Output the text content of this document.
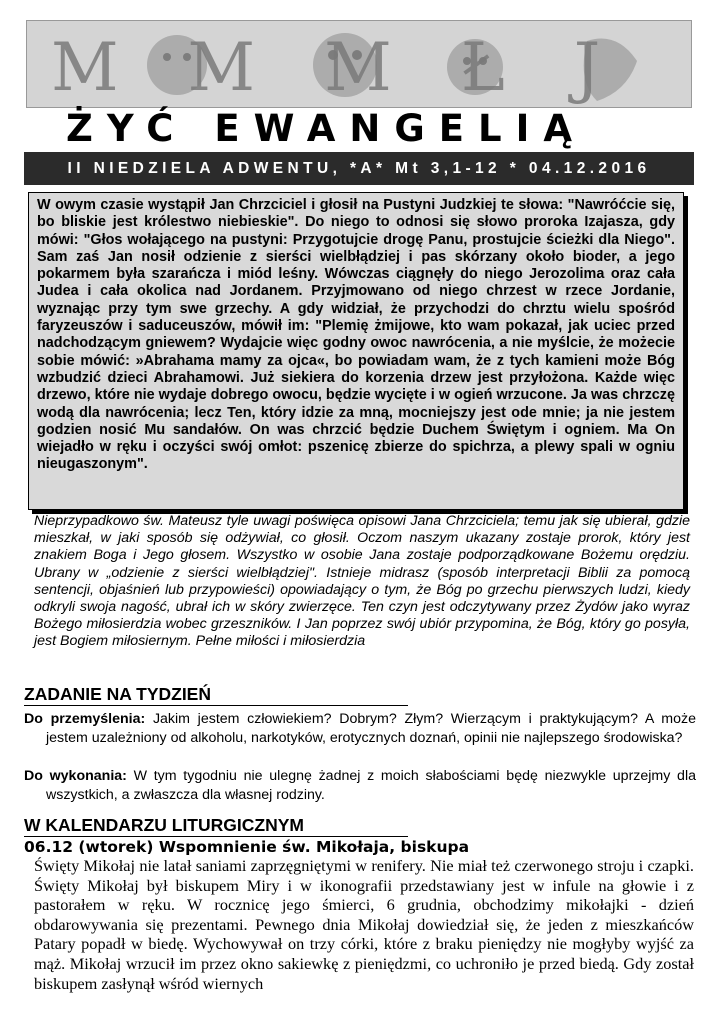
M M M Ł J
ŻYĆ EWANGELIĄ
II NIEDZIELA ADWENTU, *A* Mt 3,1-12 * 04.12.2016

W owym czasie wystąpił Jan Chrzciciel i głosił na Pustyni Judzkiej te słowa: "Nawróćcie się, bo bliskie jest królestwo niebieskie". Do niego to odnosi się słowo proroka Izajasza, gdy mówi: "Głos wołającego na pustyni: Przygotujcie drogę Panu, prostujcie ścieżki dla Niego". Sam zaś Jan nosił odzienie z sierści wielbłądziej i pas skórzany około bioder, a jego pokarmem była szarańcza i miód leśny. Wówczas ciągnęły do niego Jerozolima oraz cała Judea i cała okolica nad Jordanem. Przyjmowano od niego chrzest w rzece Jordanie, wyznając przy tym swe grzechy. A gdy widział, że przychodzi do chrztu wielu spośród faryzeuszów i saduceuszów, mówił im: "Plemię żmijowe, kto wam pokazał, jak uciec przed nadchodzącym gniewem? Wydajcie więc godny owoc nawrócenia, a nie myślcie, że możecie sobie mówić: »Abrahama mamy za ojca«, bo powiadam wam, że z tych kamieni może Bóg wzbudzić dzieci Abrahamowi. Już siekiera do korzenia drzew jest przyłożona. Każde więc drzewo, które nie wydaje dobrego owocu, będzie wycięte i w ogień wrzucone. Ja was chrzczę wodą dla nawrócenia; lecz Ten, który idzie za mną, mocniejszy jest ode mnie; ja nie jestem godzien nosić Mu sandałów. On was chrzcić będzie Duchem Świętym i ogniem. Ma On wiejadło w ręku i oczyści swój omłot: pszenicę zbierze do spichrza, a plewy spali w ogniu nieugaszonym".

Nieprzypadkowo św. Mateusz tyle uwagi poświęca opisowi Jana Chrzciciela; temu jak się ubierał, gdzie mieszkał, w jaki sposób się odżywiał, co głosił. Oczom naszym ukazany zostaje prorok, który jest znakiem Boga i Jego głosem. Wszystko w osobie Jana zostaje podporządkowane Bożemu orędziu. Ubrany w „odzienie z sierści wielbłądziej". Istnieje midrasz (sposób interpretacji Biblii za pomocą sentencji, objaśnień lub przypowieści) opowiadający o tym, że Bóg po grzechu pierwszych ludzi, kiedy odkryli swoja nagość, ubrał ich w skóry zwierzęce. Ten czyn jest odczytywany przez Żydów jako wyraz Bożego miłosierdzia wobec grzeszników. I Jan poprzez swój ubiór przypomina, że Bóg, który go posyła, jest Bogiem miłosiernym. Pełne miłości i miłosierdzia

ZADANIE NA TYDZIEŃ

Do przemyślenia: Jakim jestem człowiekiem? Dobrym? Złym? Wierzącym i praktykującym? A może jestem uzależniony od alkoholu, narkotyków, erotycznych doznań, opinii nie najlepszego środowiska?

Do wykonania: W tym tygodniu nie ulegnę żadnej z moich słabościami będę niezwykle uprzejmy dla wszystkich, a zwłaszcza dla własnej rodziny.

W KALENDARZU LITURGICZNYM
06.12 (wtorek) Wspomnienie św. Mikołaja, biskupa

Święty Mikołaj nie latał saniami zaprzęgniętymi w renifery. Nie miał też czerwonego stroju i czapki. Święty Mikołaj był biskupem Miry i w ikonografii przedstawiany jest w infule na głowie i z pastorałem w ręku. W rocznicę jego śmierci, 6 grudnia, obchodzimy mikołajki - dzień obdarowywania się prezentami. Pewnego dnia Mikołaj dowiedział się, że jeden z mieszkańców Patary popadł w biedę. Wychowywał on trzy córki, które z braku pieniędzy nie mogłyby wyjść za mąż. Mikołaj wrzucił im przez okno sakiewkę z pieniędzmi, co uchroniło je przed biedą. Gdy został biskupem zasłynął wśród wiernych
